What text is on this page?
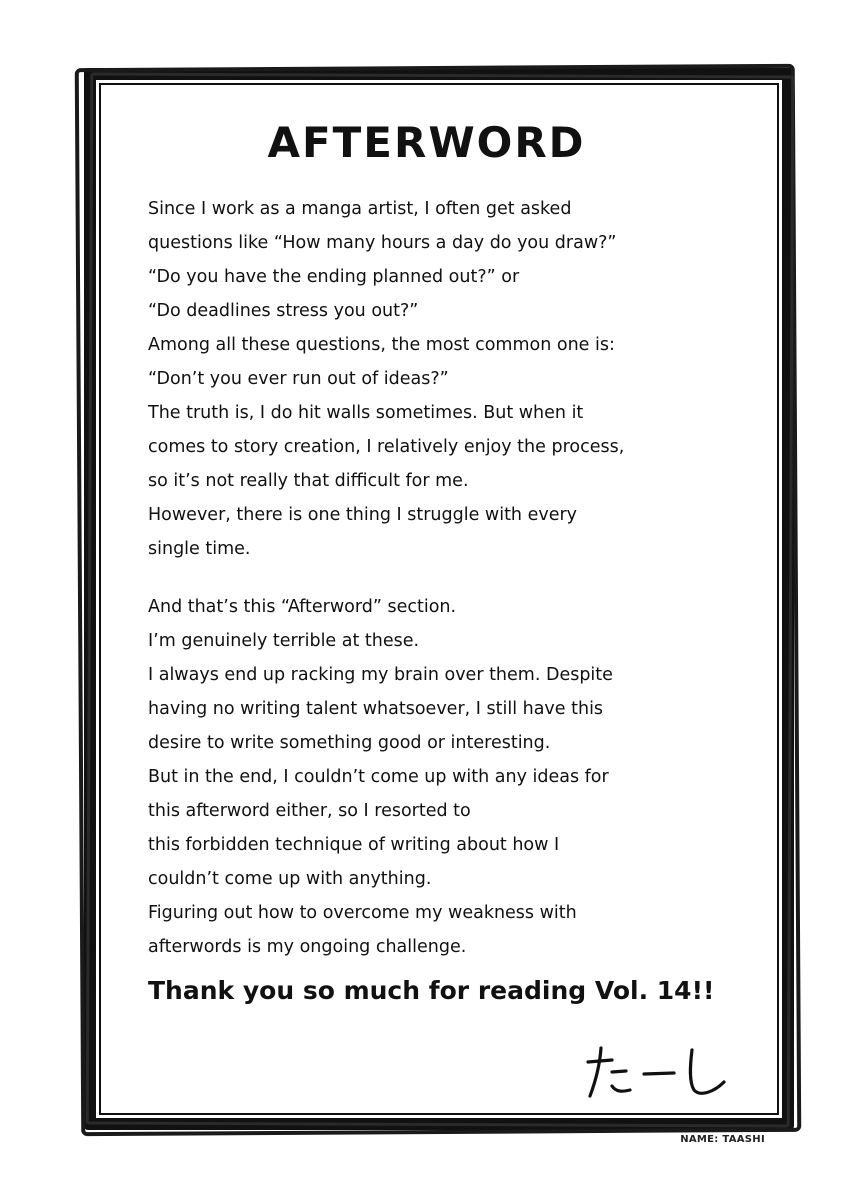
AFTERWORD

Since I work as a manga artist, I often get asked
questions like “How many hours a day do you draw?”
“Do you have the ending planned out?” or
“Do deadlines stress you out?”
Among all these questions, the most common one is:
“Don’t you ever run out of ideas?”
The truth is, I do hit walls sometimes. But when it
comes to story creation, I relatively enjoy the process,
so it’s not really that difficult for me.
However, there is one thing I struggle with every
single time.

And that’s this “Afterword” section.
I’m genuinely terrible at these.
I always end up racking my brain over them. Despite
having no writing talent whatsoever, I still have this
desire to write something good or interesting.
But in the end, I couldn’t come up with any ideas for
this afterword either, so I resorted to
this forbidden technique of writing about how I
couldn’t come up with anything.
Figuring out how to overcome my weakness with
afterwords is my ongoing challenge.

Thank you so much for reading Vol. 14!!
NAME: TAASHI
